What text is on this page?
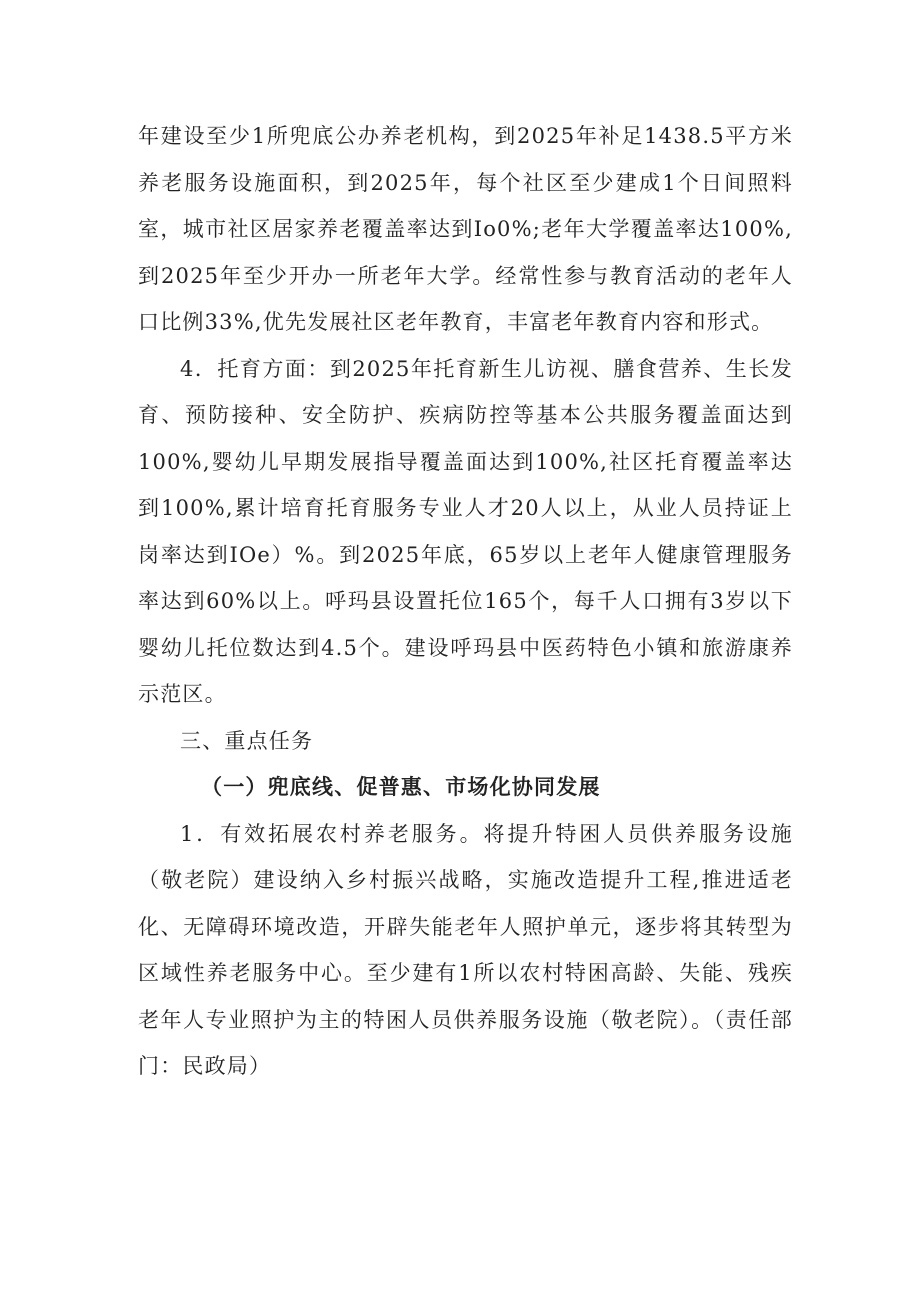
年建设至少1所兜底公办养老机构，到2025年补足1438.5平方米养老服务设施面积，到2025年，每个社区至少建成1个日间照料室，城市社区居家养老覆盖率达到Io0%;老年大学覆盖率达100%,到2025年至少开办一所老年大学。经常性参与教育活动的老年人口比例33%,优先发展社区老年教育，丰富老年教育内容和形式。

4．托育方面：到2025年托育新生儿访视、膳食营养、生长发育、预防接种、安全防护、疾病防控等基本公共服务覆盖面达到100%,婴幼儿早期发展指导覆盖面达到100%,社区托育覆盖率达到100%,累计培育托育服务专业人才20人以上，从业人员持证上岗率达到IOe）%。到2025年底，65岁以上老年人健康管理服务率达到60%以上。呼玛县设置托位165个，每千人口拥有3岁以下婴幼儿托位数达到4.5个。建设呼玛县中医药特色小镇和旅游康养示范区。

三、重点任务

（一）兜底线、促普惠、市场化协同发展

1．有效拓展农村养老服务。将提升特困人员供养服务设施（敬老院）建设纳入乡村振兴战略，实施改造提升工程,推进适老化、无障碍环境改造，开辟失能老年人照护单元，逐步将其转型为区域性养老服务中心。至少建有1所以农村特困高龄、失能、残疾老年人专业照护为主的特困人员供养服务设施（敬老院）。（责任部门：民政局）
